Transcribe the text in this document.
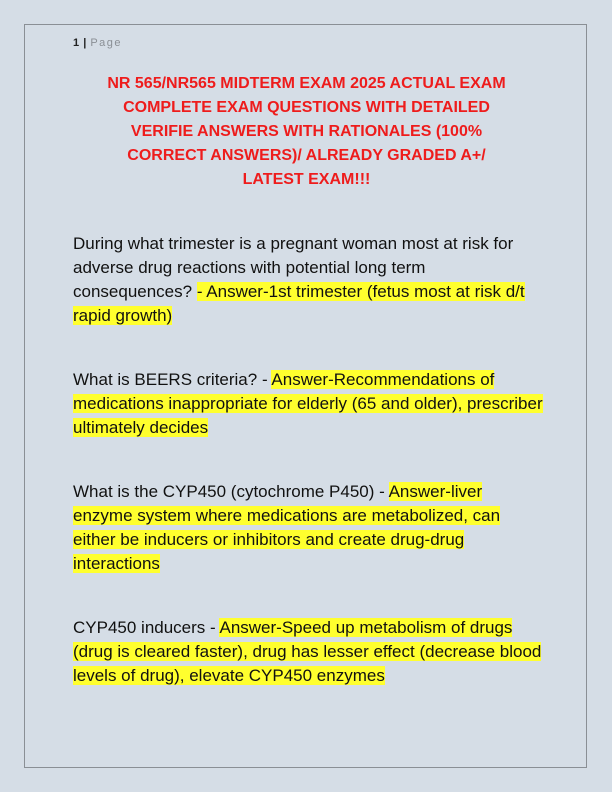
1 | Page
NR 565/NR565 MIDTERM EXAM 2025 ACTUAL EXAM
COMPLETE EXAM QUESTIONS WITH DETAILED
VERIFIE ANSWERS WITH RATIONALES (100%
CORRECT ANSWERS)/ ALREADY GRADED A+/
LATEST EXAM!!!
During what trimester is a pregnant woman most at risk for adverse drug reactions with potential long term consequences? - Answer-1st trimester (fetus most at risk d/t rapid growth)
What is BEERS criteria? - Answer-Recommendations of medications inappropriate for elderly (65 and older), prescriber ultimately decides
What is the CYP450 (cytochrome P450) - Answer-liver enzyme system where medications are metabolized, can either be inducers or inhibitors and create drug-drug interactions
CYP450 inducers - Answer-Speed up metabolism of drugs (drug is cleared faster), drug has lesser effect (decrease blood levels of drug), elevate CYP450 enzymes
